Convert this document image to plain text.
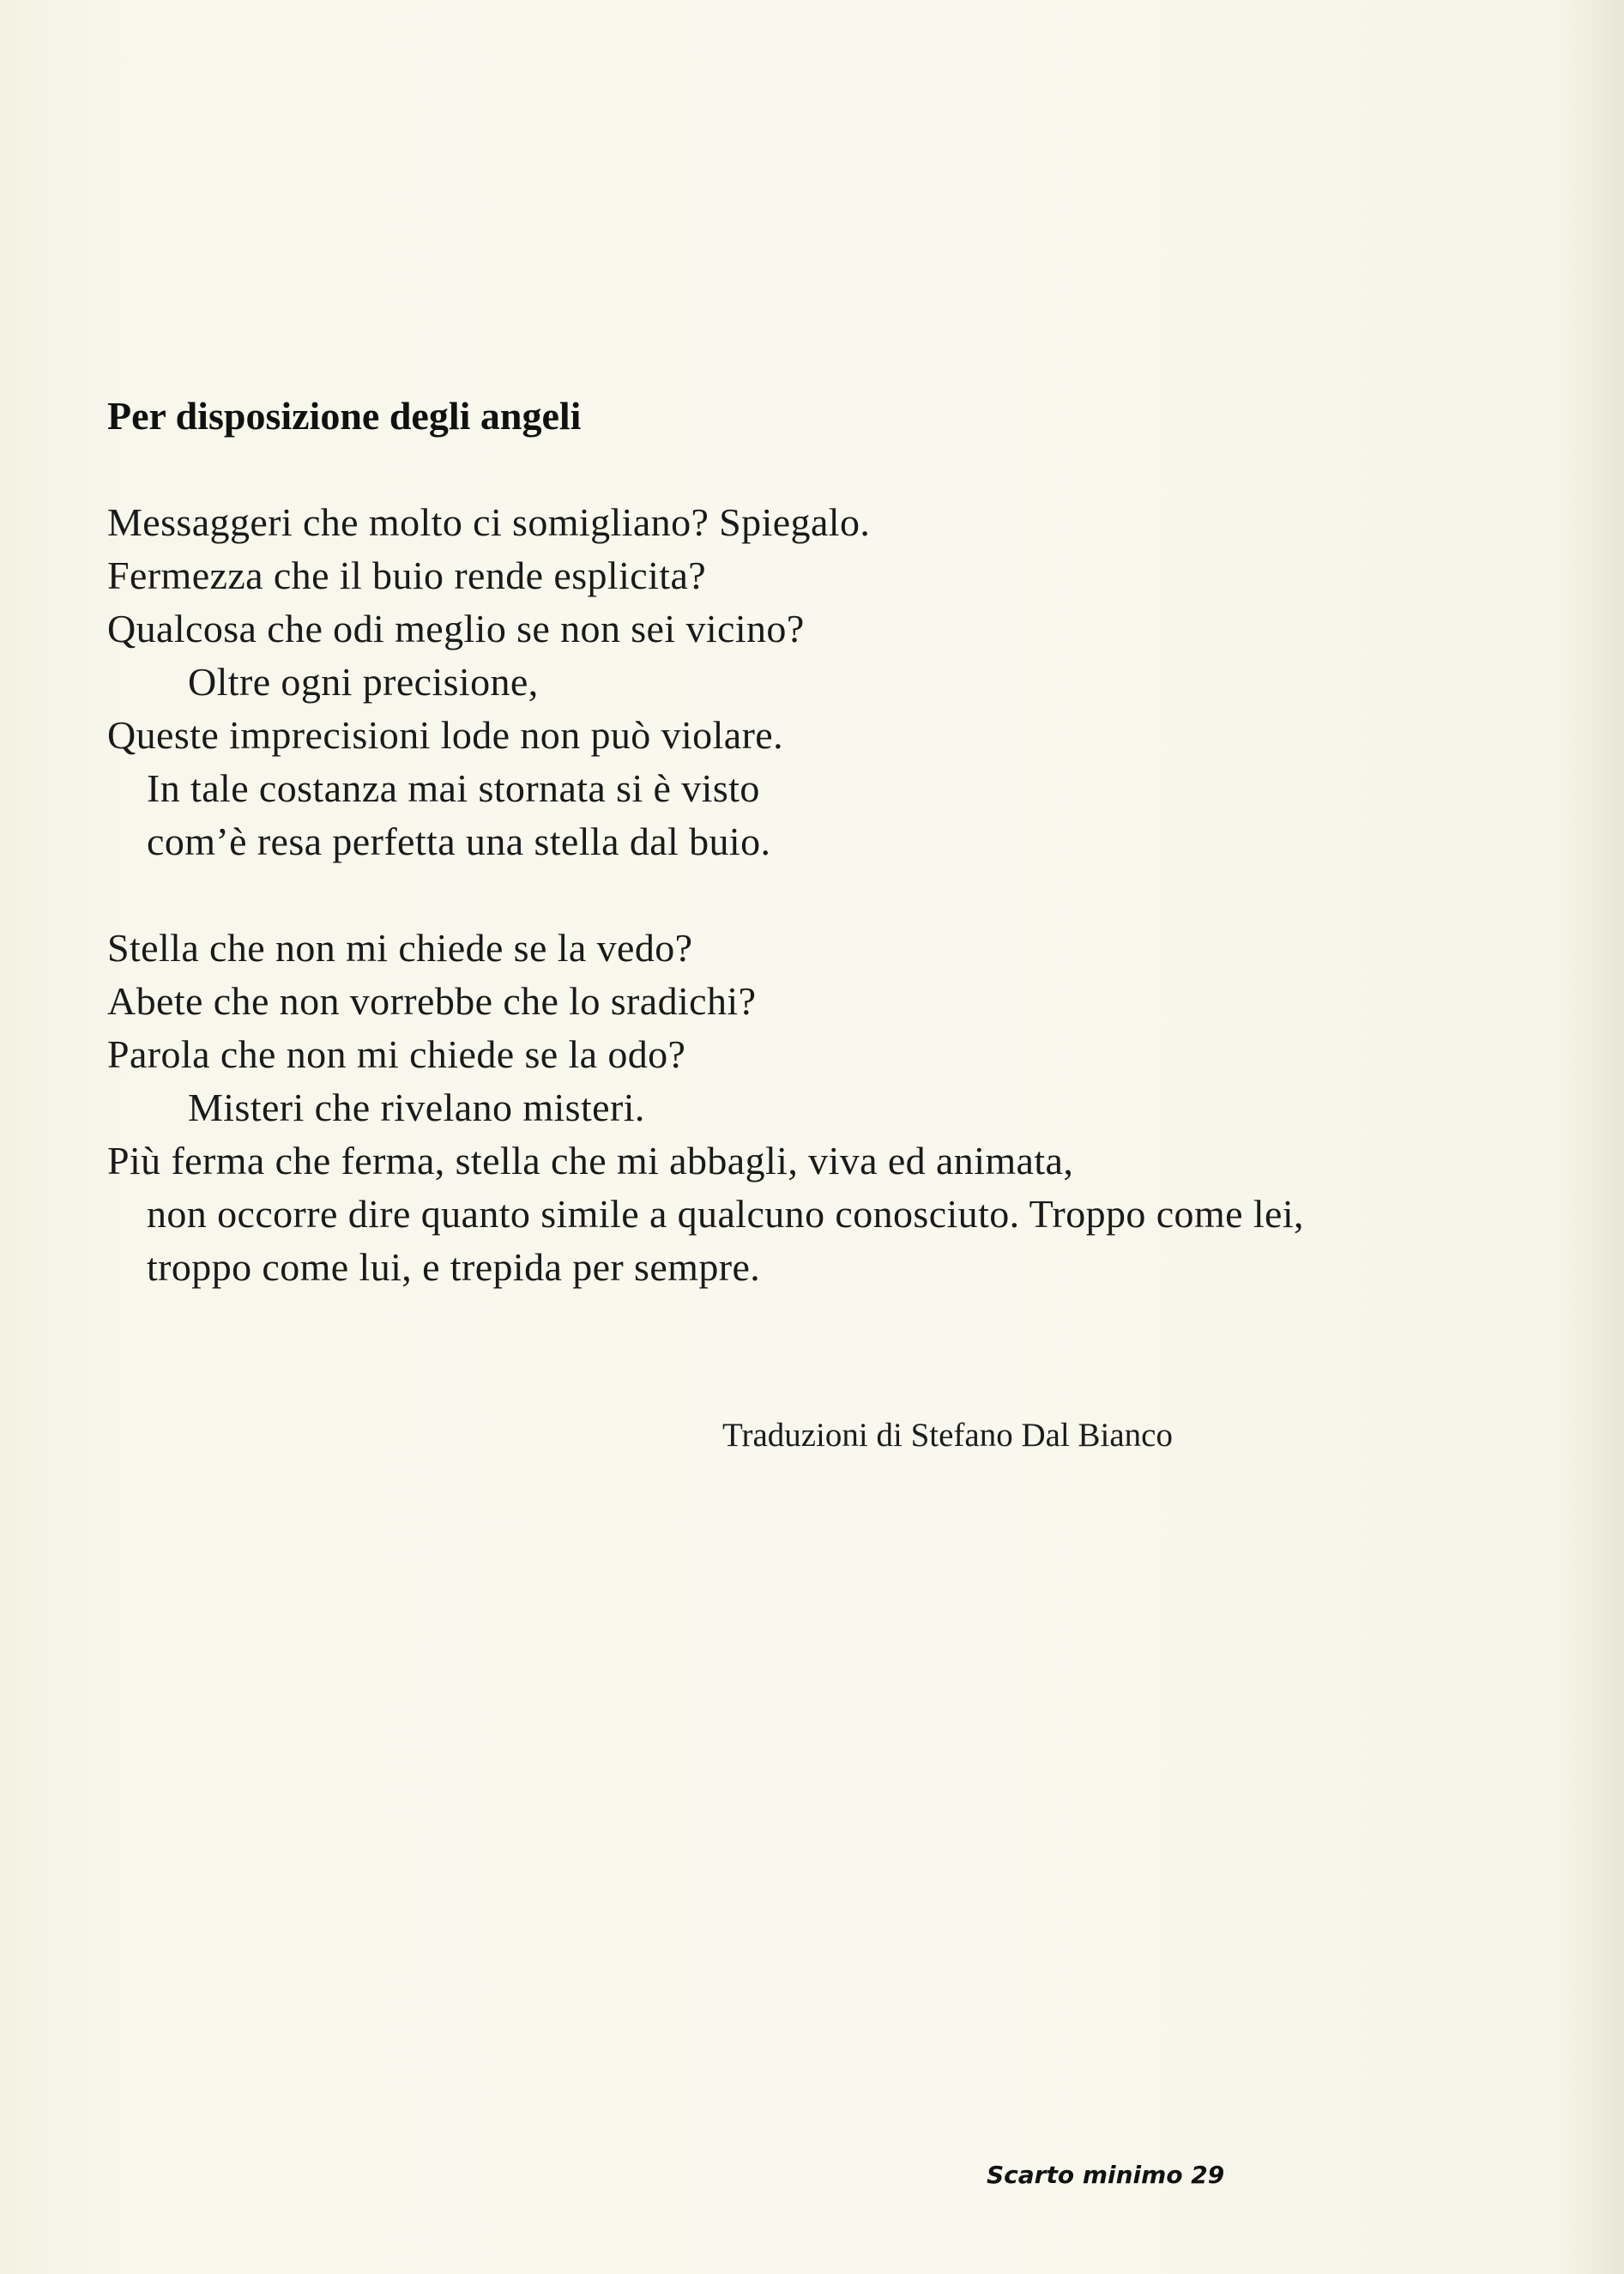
Per disposizione degli angeli
Messaggeri che molto ci somigliano? Spiegalo.
Fermezza che il buio rende esplicita?
Qualcosa che odi meglio se non sei vicino?
Oltre ogni precisione,
Queste imprecisioni lode non può violare.
In tale costanza mai stornata si è visto
com’è resa perfetta una stella dal buio.
Stella che non mi chiede se la vedo?
Abete che non vorrebbe che lo sradichi?
Parola che non mi chiede se la odo?
Misteri che rivelano misteri.
Più ferma che ferma, stella che mi abbagli, viva ed animata,
non occorre dire quanto simile a qualcuno conosciuto. Troppo come lei,
troppo come lui, e trepida per sempre.
Traduzioni di Stefano Dal Bianco
Scarto minimo 29
